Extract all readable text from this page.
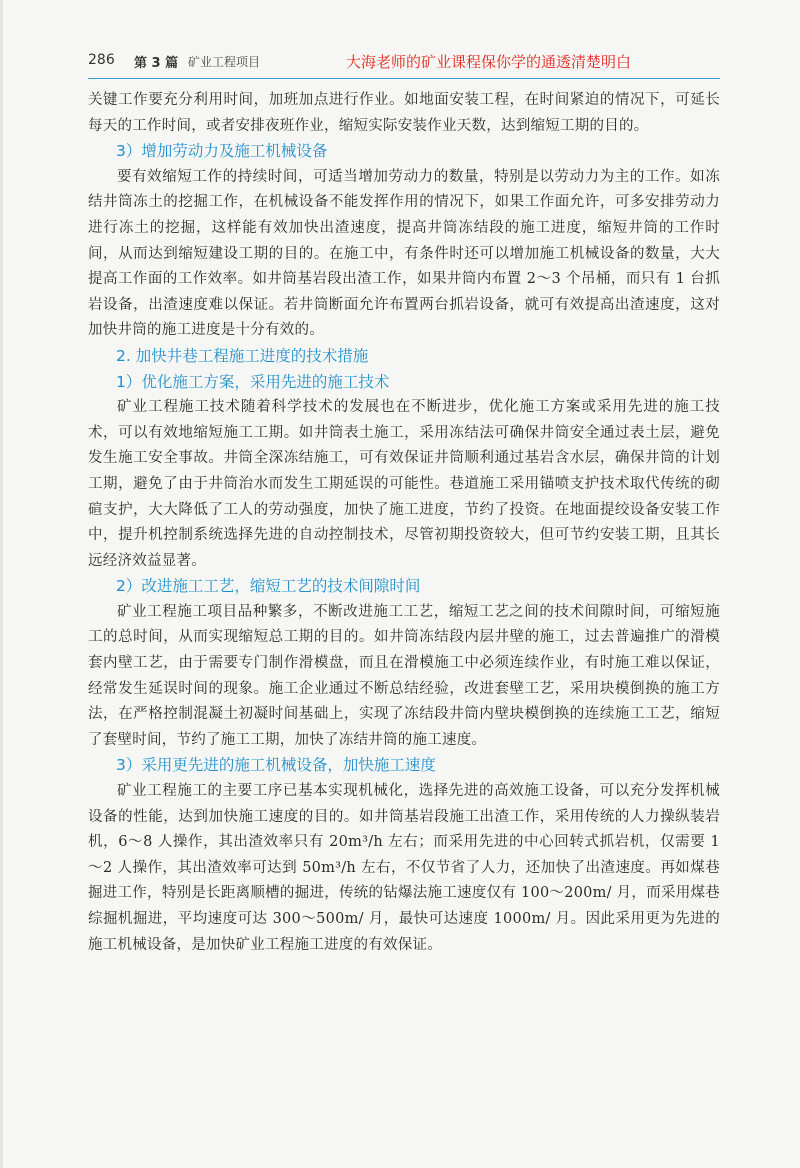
286 第 3 篇 矿业工程项目	大海老师的矿业课程保你学的通透清楚明白

关键工作要充分利用时间，加班加点进行作业。如地面安装工程，在时间紧迫的情况下，可延长每天的工作时间，或者安排夜班作业，缩短实际安装作业天数，达到缩短工期的目的。

3）增加劳动力及施工机械设备

要有效缩短工作的持续时间，可适当增加劳动力的数量，特别是以劳动力为主的工作。如冻结井筒冻土的挖掘工作，在机械设备不能发挥作用的情况下，如果工作面允许，可多安排劳动力进行冻土的挖掘，这样能有效加快出渣速度，提高井筒冻结段的施工进度，缩短井筒的工作时间，从而达到缩短建设工期的目的。在施工中，有条件时还可以增加施工机械设备的数量，大大提高工作面的工作效率。如井筒基岩段出渣工作，如果井筒内布置 2～3 个吊桶，而只有 1 台抓岩设备，出渣速度难以保证。若井筒断面允许布置两台抓岩设备，就可有效提高出渣速度，这对加快井筒的施工进度是十分有效的。

2. 加快井巷工程施工进度的技术措施
1）优化施工方案，采用先进的施工技术

矿业工程施工技术随着科学技术的发展也在不断进步，优化施工方案或采用先进的施工技术，可以有效地缩短施工工期。如井筒表土施工，采用冻结法可确保井筒安全通过表土层，避免发生施工安全事故。井筒全深冻结施工，可有效保证井筒顺利通过基岩含水层，确保井筒的计划工期，避免了由于井筒治水而发生工期延误的可能性。巷道施工采用锚喷支护技术取代传统的砌碹支护，大大降低了工人的劳动强度，加快了施工进度，节约了投资。在地面提绞设备安装工作中，提升机控制系统选择先进的自动控制技术，尽管初期投资较大，但可节约安装工期，且其长远经济效益显著。

2）改进施工工艺，缩短工艺的技术间隙时间

矿业工程施工项目品种繁多，不断改进施工工艺，缩短工艺之间的技术间隙时间，可缩短施工的总时间，从而实现缩短总工期的目的。如井筒冻结段内层井壁的施工，过去普遍推广的滑模套内壁工艺，由于需要专门制作滑模盘，而且在滑模施工中必须连续作业，有时施工难以保证，经常发生延误时间的现象。施工企业通过不断总结经验，改进套壁工艺，采用块模倒换的施工方法，在严格控制混凝土初凝时间基础上，实现了冻结段井筒内壁块模倒换的连续施工工艺，缩短了套壁时间，节约了施工工期，加快了冻结井筒的施工速度。

3）采用更先进的施工机械设备，加快施工速度

矿业工程施工的主要工序已基本实现机械化，选择先进的高效施工设备，可以充分发挥机械设备的性能，达到加快施工速度的目的。如井筒基岩段施工出渣工作，采用传统的人力操纵装岩机，6～8 人操作，其出渣效率只有 20m³/h 左右；而采用先进的中心回转式抓岩机，仅需要 1～2 人操作，其出渣效率可达到 50m³/h 左右，不仅节省了人力，还加快了出渣速度。再如煤巷掘进工作，特别是长距离顺槽的掘进，传统的钻爆法施工速度仅有 100～200m/ 月，而采用煤巷综掘机掘进，平均速度可达 300～500m/ 月，最快可达速度 1000m/ 月。因此采用更为先进的施工机械设备，是加快矿业工程施工进度的有效保证。
